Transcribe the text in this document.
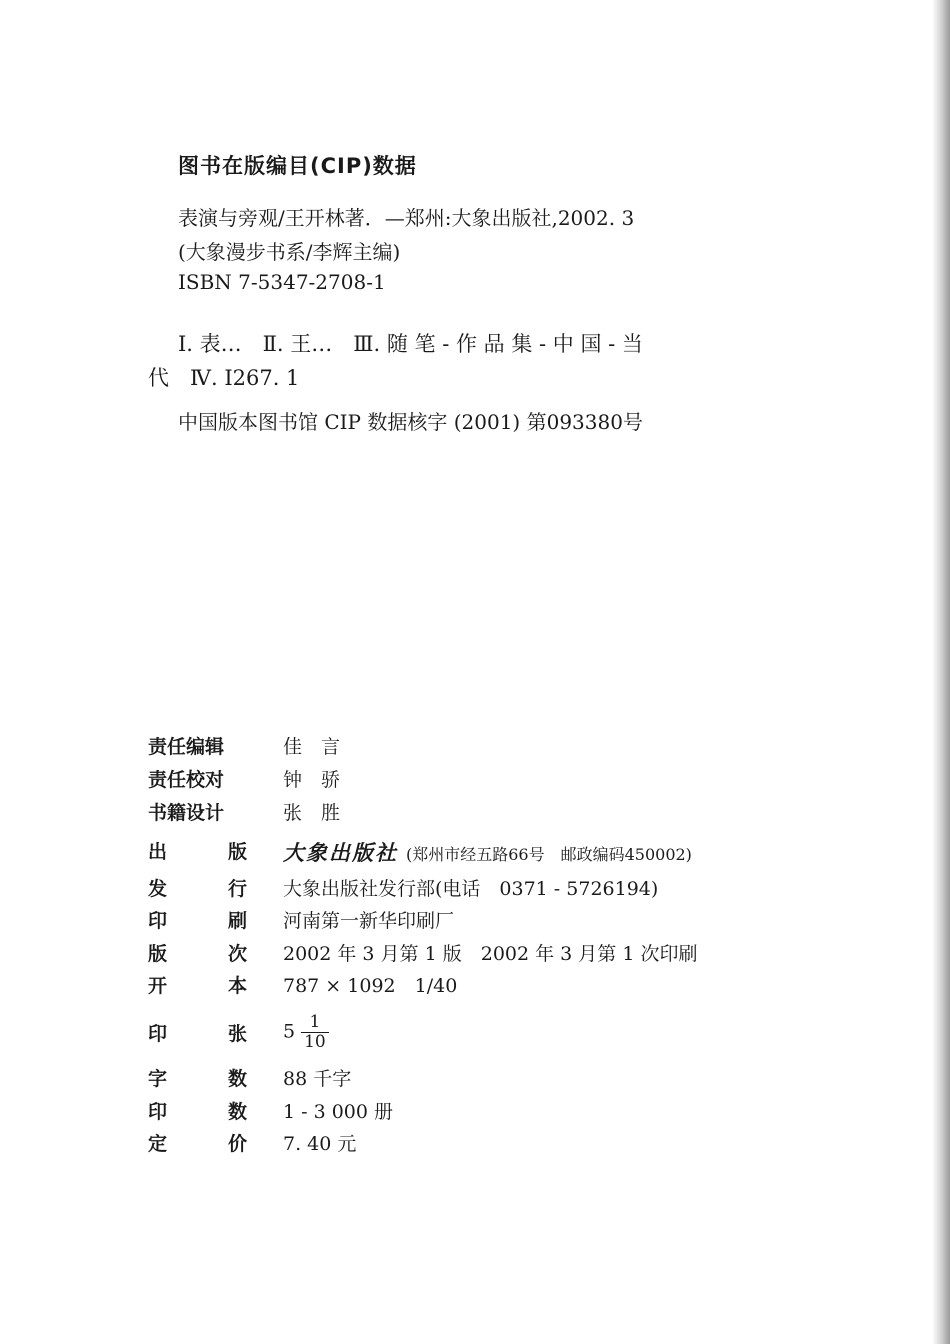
图书在版编目(CIP)数据
表演与旁观/王开林著．—郑州:大象出版社,2002. 3
(大象漫步书系/李辉主编)
ISBN 7-5347-2708-1
Ⅰ. 表…　Ⅱ. 王…　Ⅲ. 随 笔 - 作 品 集 - 中 国 - 当
代　Ⅳ. I267. 1
中国版本图书馆 CIP 数据核字 (2001) 第093380号
责任编辑	佳　言
责任校对	钟　骄
书籍设计	张　胜
出	版 大象出版社 (郑州市经五路66号　邮政编码450002)
发	行 大象出版社发行部(电话　0371 - 5726194)
印	刷 河南第一新华印刷厂
版	次 2002 年 3 月第 1 版　2002 年 3 月第 1 次印刷
开	本 787 × 1092　1/40
印	张 $5 \frac{1}{10}$
字	数 88 千字
印	数 1 - 3 000 册
定	价 7. 40 元
